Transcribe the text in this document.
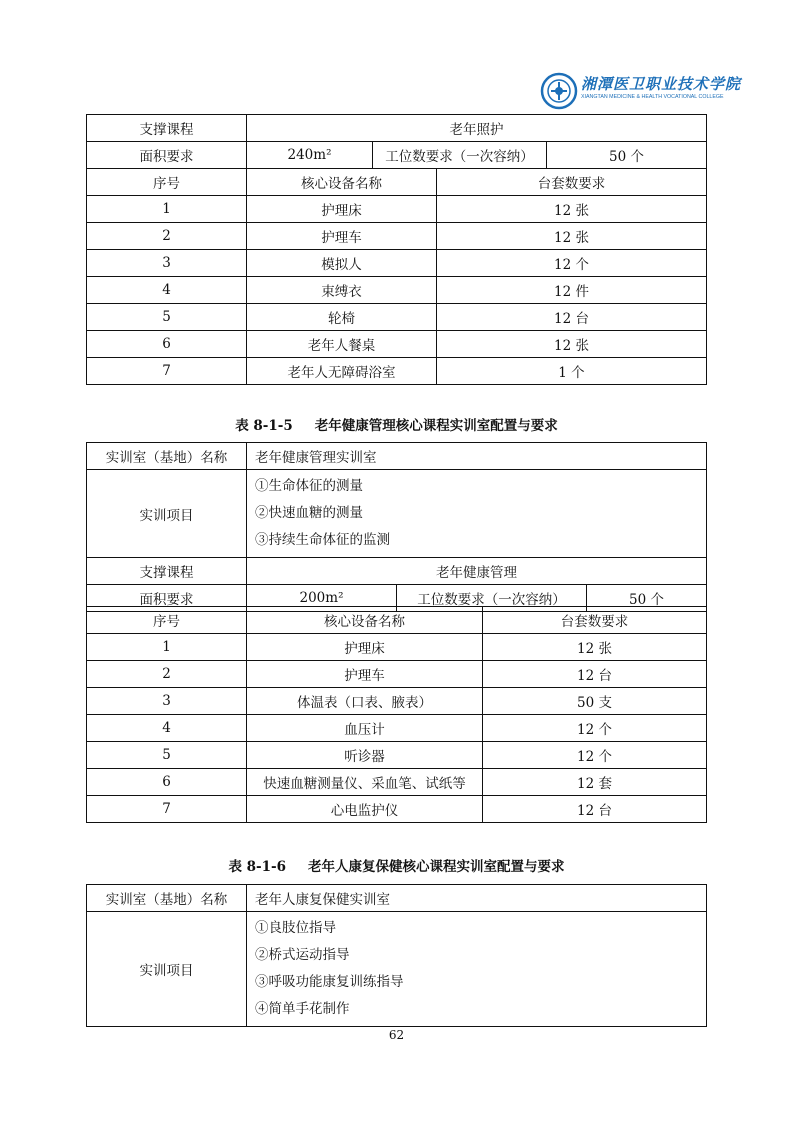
湘潭医卫职业技术学院
XIANGTAN MEDICINE & HEALTH VOCATIONAL COLLEGE
支撑课程	老年照护			
面积要求	240m²	工位数要求（一次容纳）		50 个
序号	核心设备名称		台套数要求	
1	护理床		12 张	
2	护理车		12 张	
3	模拟人		12 个	
4	束缚衣		12 件	
5	轮椅		12 台	
6	老年人餐桌		12 张	
7	老年人无障碍浴室		1 个	
表 8-1-5 老年健康管理核心课程实训室配置与要求
实训室（基地）名称	老年健康管理实训室		
实训项目	①生命体征的测量
②快速血糖的测量
③持续生命体征的监测		

支撑课程	老年健康管理		
面积要求	200m²	工位数要求（一次容纳）	50 个
序号	核心设备名称	台套数要求
1	护理床	12 张
2	护理车	12 台
3	体温表（口表、腋表）	50 支
4	血压计	12 个
5	听诊器	12 个
6	快速血糖测量仪、采血笔、试纸等	12 套
7	心电监护仪	12 台
表 8-1-6 老年人康复保健核心课程实训室配置与要求
实训室（基地）名称	老年人康复保健实训室
实训项目	①良肢位指导
②桥式运动指导
③呼吸功能康复训练指导
④简单手花制作
62
